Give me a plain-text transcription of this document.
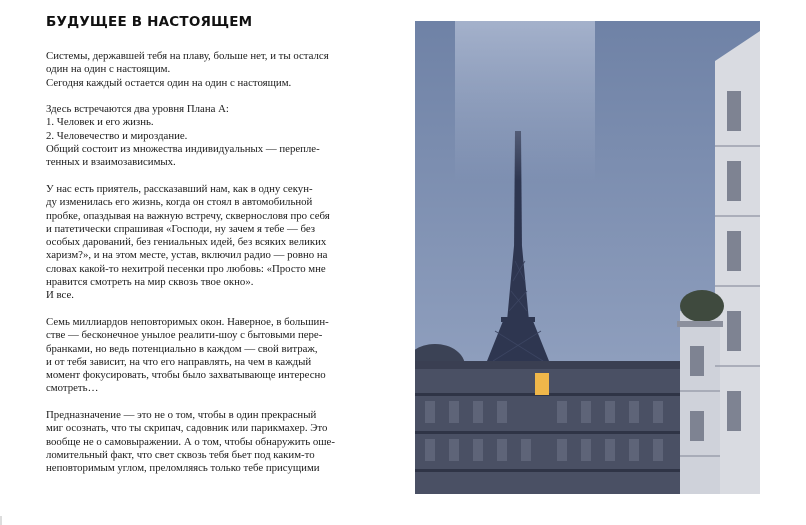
БУДУЩЕЕ В НАСТОЯЩЕМ

Системы, державшей тебя на плаву, больше нет, и ты остался
один на один с настоящим.
Сегодня каждый остается один на один с настоящим.

Здесь встречаются два уровня Плана А:
1. Человек и его жизнь.
2. Человечество и мироздание.
Общий состоит из множества индивидуальных — перепле-
тенных и взаимозависимых.

У нас есть приятель, рассказавший нам, как в одну секун-
ду изменилась его жизнь, когда он стоял в автомобильной
пробке, опаздывая на важную встречу, сквернословя про себя
и патетически спрашивая «Господи, ну зачем я тебе — без
особых дарований, без гениальных идей, без всяких великих
харизм?», и на этом месте, устав, включил радио — ровно на
словах какой-то нехитрой песенки про любовь: «Просто мне
нравится смотреть на мир сквозь твое окно».
И все.

Семь миллиардов неповторимых окон. Наверное, в большин-
стве — бесконечное унылое реалити-шоу с бытовыми пере-
бранками, но ведь потенциально в каждом — свой витраж,
и от тебя зависит, на что его направлять, на чем в каждый
момент фокусировать, чтобы было захватывающе интересно
смотреть…

Предназначение — это не о том, чтобы в один прекрасный
миг осознать, что ты скрипач, садовник или парикмахер. Это
вообще не о самовыражении. А о том, чтобы обнаружить оше-
ломительный факт, что свет сквозь тебя бьет под каким-то
неповторимым углом, преломляясь только тебе присущими
